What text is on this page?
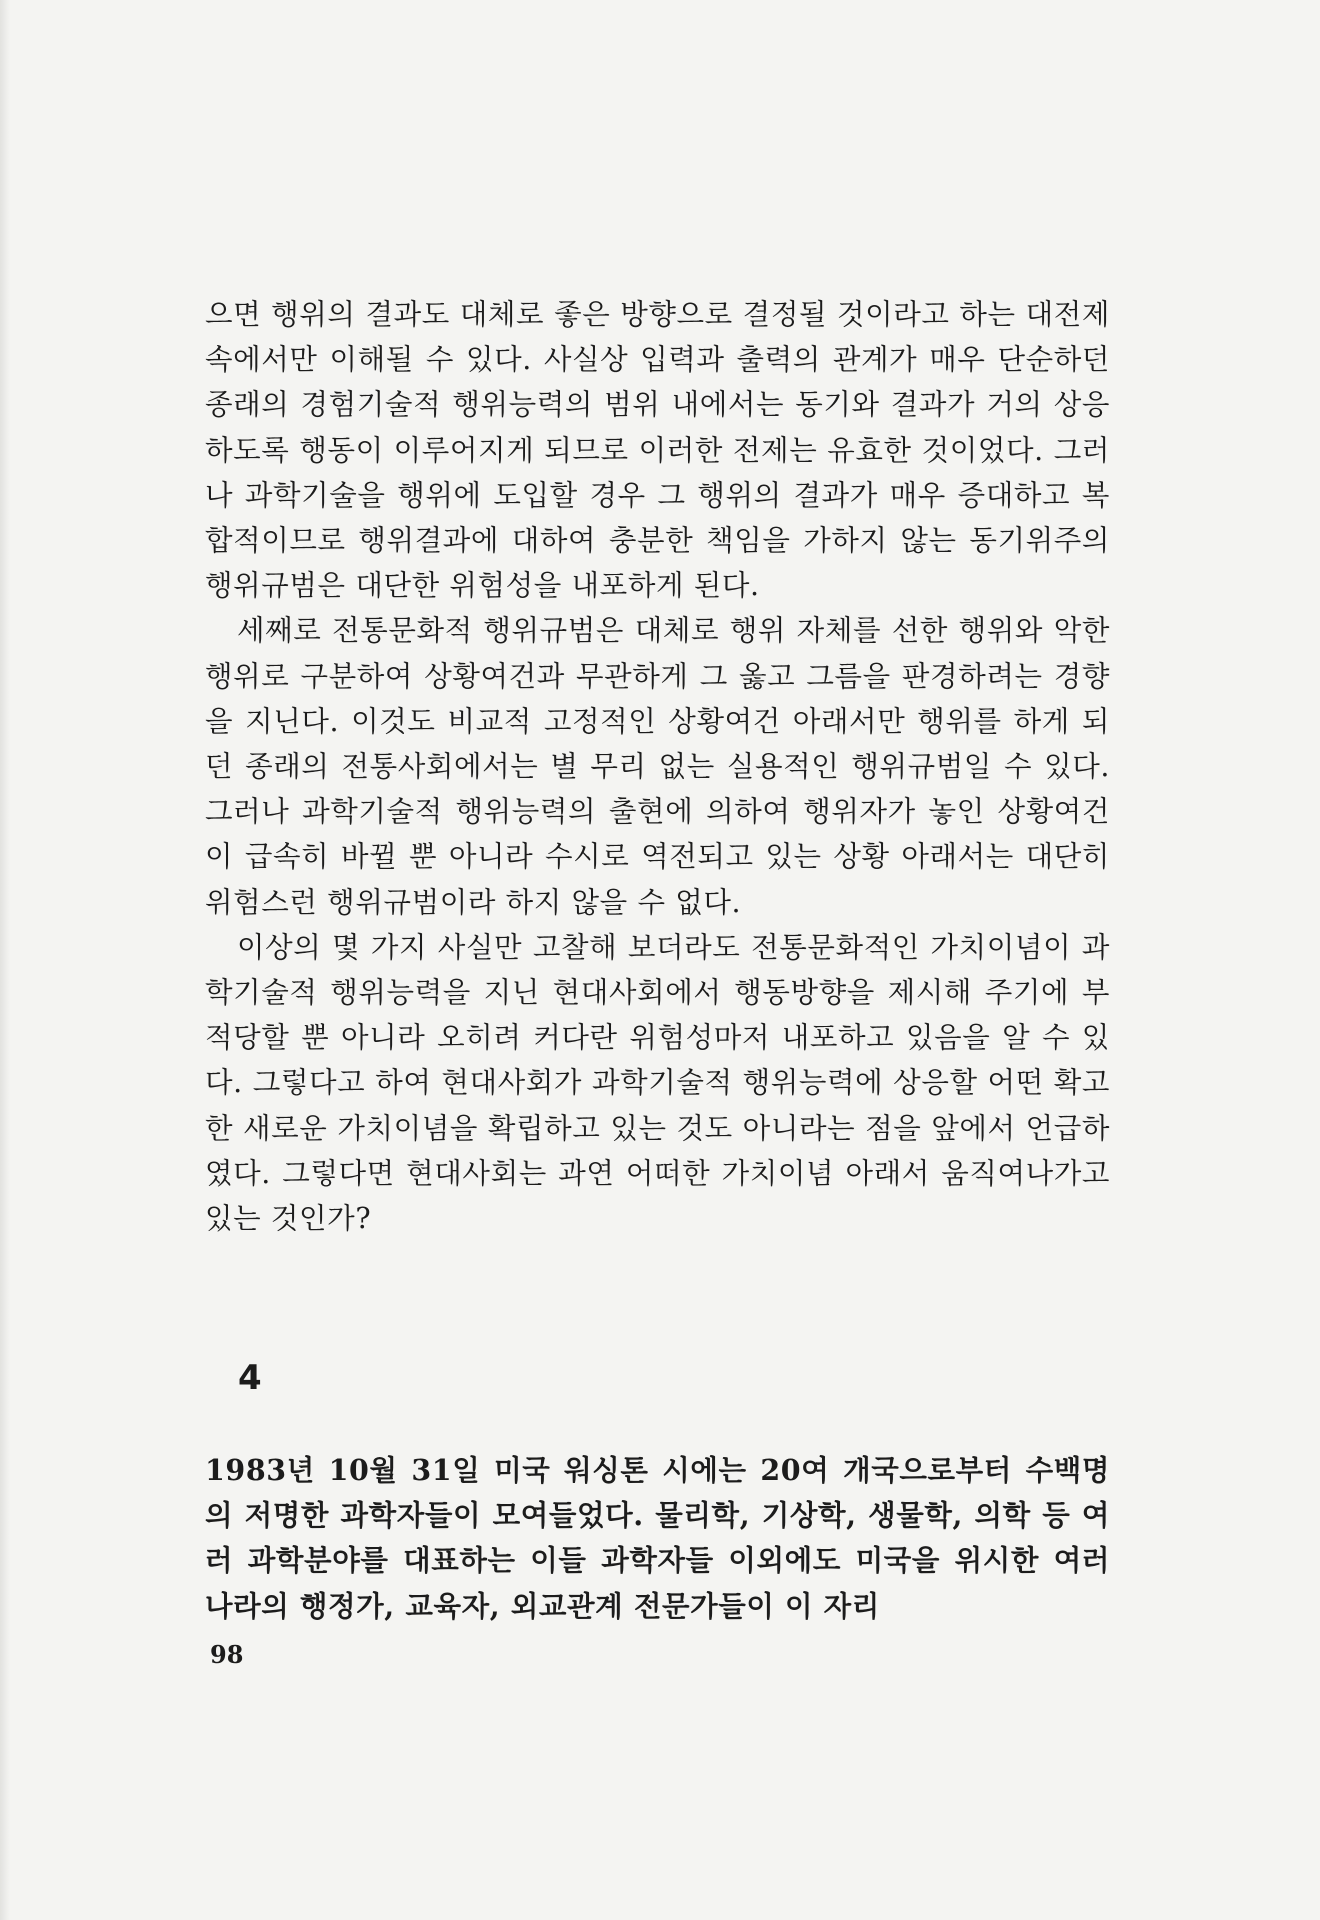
으면 행위의 결과도 대체로 좋은 방향으로 결정될 것이라고 하는 대전제 속에서만 이해될 수 있다. 사실상 입력과 출력의 관계가 매우 단순하던 종래의 경험기술적 행위능력의 범위 내에서는 동기와 결과가 거의 상응하도록 행동이 이루어지게 되므로 이러한 전제는 유효한 것이었다. 그러나 과학기술을 행위에 도입할 경우 그 행위의 결과가 매우 증대하고 복합적이므로 행위결과에 대하여 충분한 책임을 가하지 않는 동기위주의 행위규범은 대단한 위험성을 내포하게 된다.

세째로 전통문화적 행위규범은 대체로 행위 자체를 선한 행위와 악한 행위로 구분하여 상황여건과 무관하게 그 옳고 그름을 판경하려는 경향을 지닌다. 이것도 비교적 고정적인 상황여건 아래서만 행위를 하게 되던 종래의 전통사회에서는 별 무리 없는 실용적인 행위규범일 수 있다. 그러나 과학기술적 행위능력의 출현에 의하여 행위자가 놓인 상황여건이 급속히 바뀔 뿐 아니라 수시로 역전되고 있는 상황 아래서는 대단히 위험스런 행위규범이라 하지 않을 수 없다.

이상의 몇 가지 사실만 고찰해 보더라도 전통문화적인 가치이념이 과학기술적 행위능력을 지닌 현대사회에서 행동방향을 제시해 주기에 부적당할 뿐 아니라 오히려 커다란 위험성마저 내포하고 있음을 알 수 있다. 그렇다고 하여 현대사회가 과학기술적 행위능력에 상응할 어떤 확고한 새로운 가치이념을 확립하고 있는 것도 아니라는 점을 앞에서 언급하였다. 그렇다면 현대사회는 과연 어떠한 가치이념 아래서 움직여나가고 있는 것인가?

4

1983년 10월 31일 미국 워싱톤 시에는 20여 개국으로부터 수백명의 저명한 과학자들이 모여들었다. 물리학, 기상학, 생물학, 의학 등 여러 과학분야를 대표하는 이들 과학자들 이외에도 미국을 위시한 여러 나라의 행정가, 교육자, 외교관계 전문가들이 이 자리

98
